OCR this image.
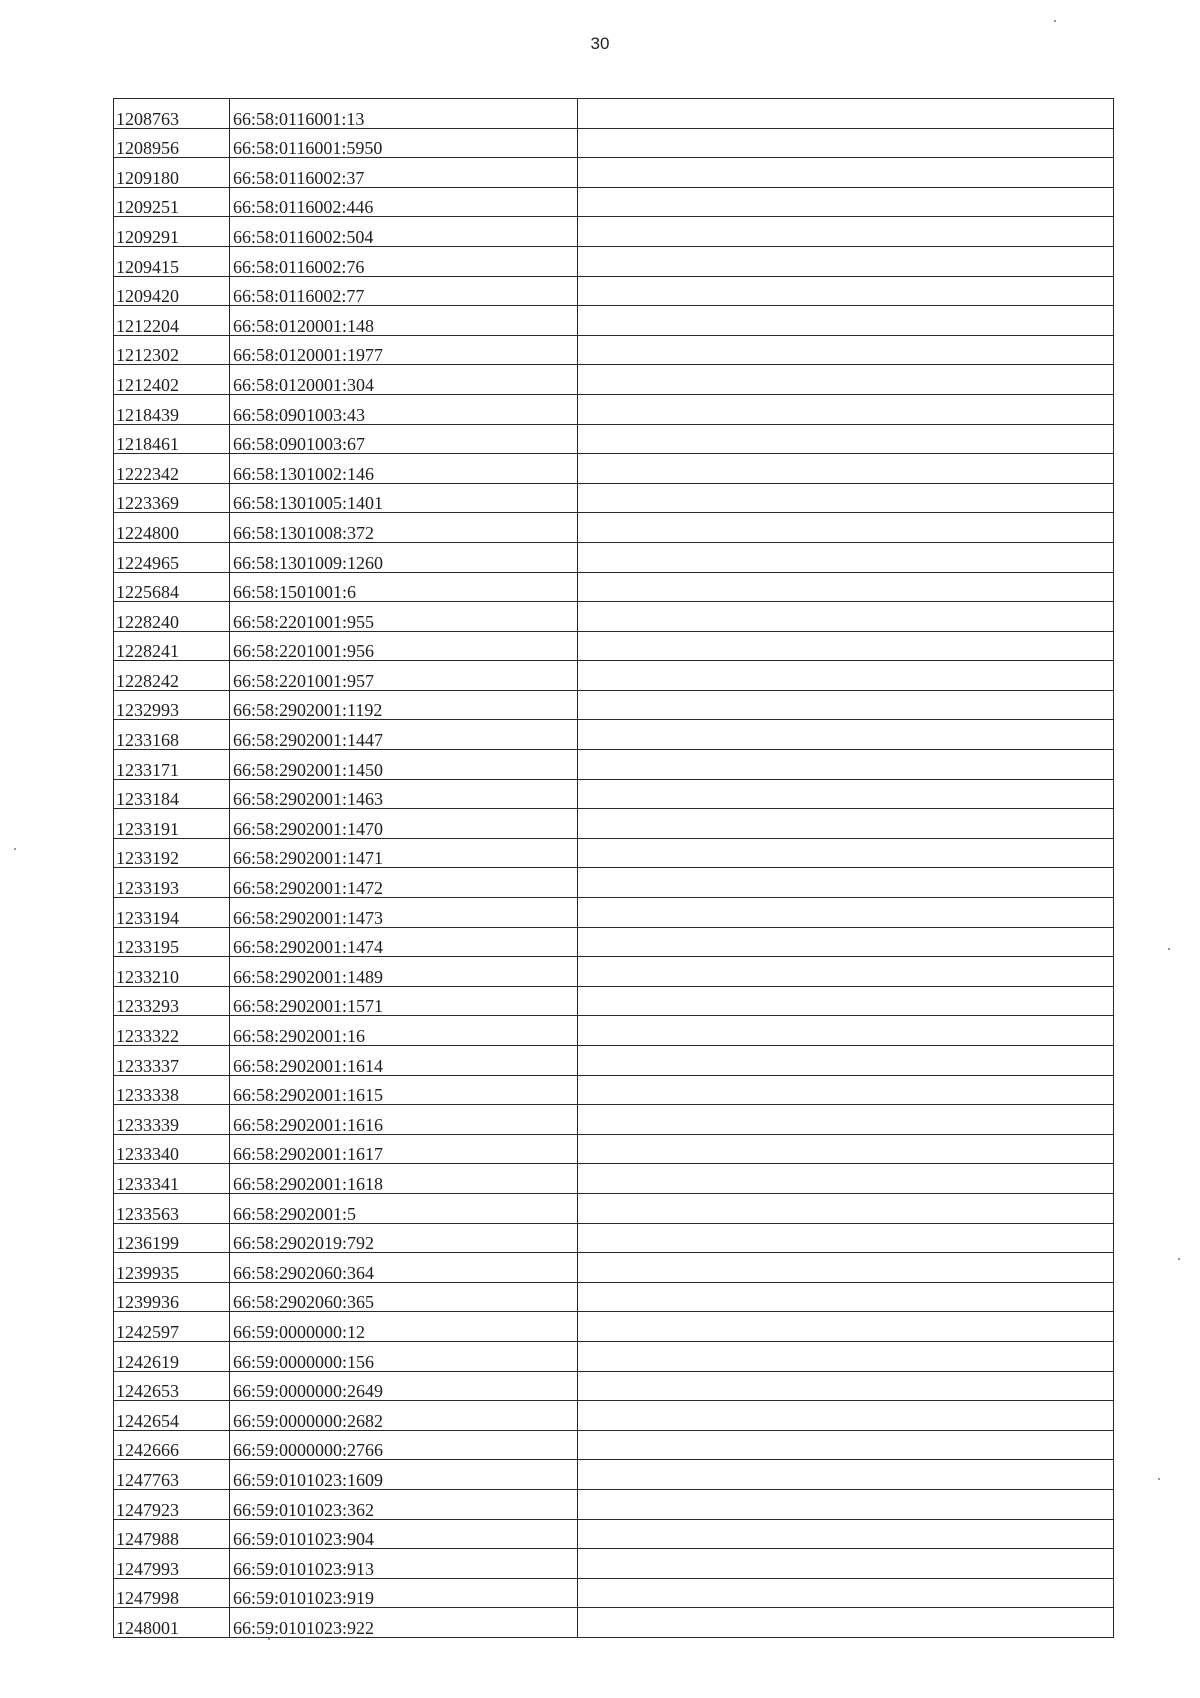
30
1208763	66:58:0116001:13		
1208956	66:58:0116001:5950		
1209180	66:58:0116002:37		
1209251	66:58:0116002:446		
1209291	66:58:0116002:504		
1209415	66:58:0116002:76		
1209420	66:58:0116002:77		
1212204	66:58:0120001:148		
1212302	66:58:0120001:1977		
1212402	66:58:0120001:304		
1218439	66:58:0901003:43		
1218461	66:58:0901003:67		
1222342	66:58:1301002:146		
1223369	66:58:1301005:1401		
1224800	66:58:1301008:372		
1224965	66:58:1301009:1260		
1225684	66:58:1501001:6		
1228240	66:58:2201001:955		
1228241	66:58:2201001:956		
1228242	66:58:2201001:957		
1232993	66:58:2902001:1192		
1233168	66:58:2902001:1447		
1233171	66:58:2902001:1450		
1233184	66:58:2902001:1463		
1233191	66:58:2902001:1470		
1233192	66:58:2902001:1471		
1233193	66:58:2902001:1472		
1233194	66:58:2902001:1473		
1233195	66:58:2902001:1474		
1233210	66:58:2902001:1489		
1233293	66:58:2902001:1571		
1233322	66:58:2902001:16		
1233337	66:58:2902001:1614		
1233338	66:58:2902001:1615		
1233339	66:58:2902001:1616		
1233340	66:58:2902001:1617		
1233341	66:58:2902001:1618		
1233563	66:58:2902001:5		
1236199	66:58:2902019:792		
1239935	66:58:2902060:364		
1239936	66:58:2902060:365		
1242597	66:59:0000000:12		
1242619	66:59:0000000:156		
1242653	66:59:0000000:2649		
1242654	66:59:0000000:2682		
1242666	66:59:0000000:2766		
1247763	66:59:0101023:1609		
1247923	66:59:0101023:362		
1247988	66:59:0101023:904		
1247993	66:59:0101023:913		
1247998	66:59:0101023:919		
1248001	66:59:0101023:922		
